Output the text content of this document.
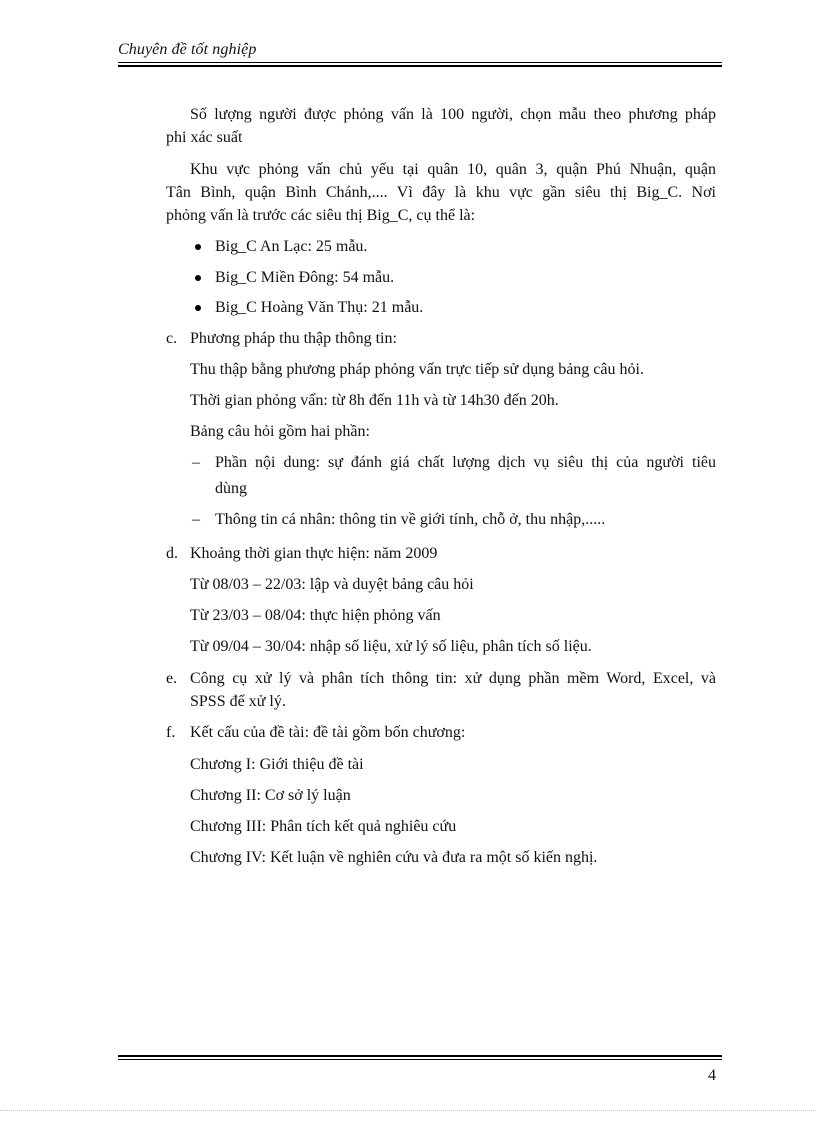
Chuyên đề tốt nghiệp
Số lượng người được phỏng vấn là 100 người, chọn mẫu theo phương pháp
phi xác suất
Khu vực phỏng vấn chủ yếu tại quân 10, quân 3, quận Phú Nhuận, quận
Tân Bình, quận Bình Chánh,.... Vì đây là khu vực gần siêu thị Big_C. Nơi
phỏng vấn là trước các siêu thị Big_C, cụ thể là:
Big_C An Lạc: 25 mẫu.
Big_C Miền Đông: 54 mẫu.
Big_C Hoàng Văn Thụ: 21 mẫu.
c. Phương pháp thu thập thông tin:
Thu thập bằng phương pháp phỏng vấn trực tiếp sử dụng bảng câu hỏi.
Thời gian phỏng vấn: từ 8h đến 11h và từ 14h30 đến 20h.
Bảng câu hỏi gồm hai phần:
– Phần nội dung: sự đánh giá chất lượng dịch vụ siêu thị của người tiêu
dùng
– Thông tin cá nhân: thông tin về giới tính, chỗ ở, thu nhập,.....
d. Khoảng thời gian thực hiện: năm 2009
Từ 08/03 – 22/03: lập và duyệt bảng câu hỏi
Từ 23/03 – 08/04: thực hiện phỏng vấn
Từ 09/04 – 30/04: nhập số liệu, xử lý số liệu, phân tích số liệu.
e. Công cụ xử lý và phân tích thông tin: xử dụng phần mềm Word, Excel, và
SPSS để xử lý.
f. Kết cấu của đề tài: đề tài gồm bốn chương:
Chương I: Giới thiệu đề tài
Chương II: Cơ sở lý luận
Chương III: Phân tích kết quả nghiêu cứu
Chương IV: Kết luận về nghiên cứu và đưa ra một số kiến nghị.
4
